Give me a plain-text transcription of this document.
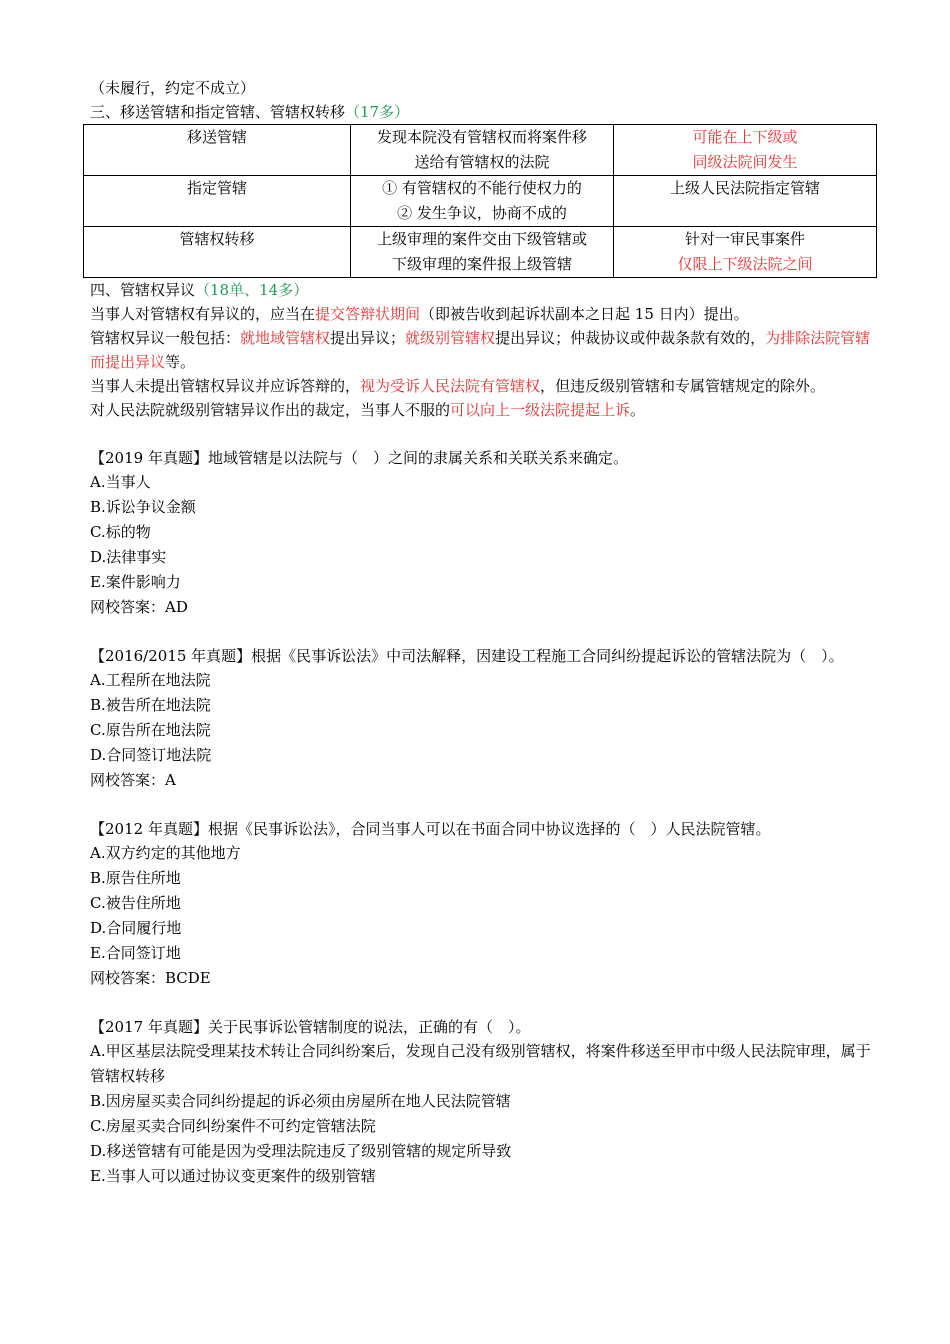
（未履行，约定不成立）

三、移送管辖和指定管辖、管辖权转移（17多）

移送管辖	发现本院没有管辖权而将案件移
送给有管辖权的法院	可能在上下级或
同级法院间发生
指定管辖	① 有管辖权的不能行使权力的
② 发生争议，协商不成的	上级人民法院指定管辖
管辖权转移	上级审理的案件交由下级管辖或
下级审理的案件报上级管辖	针对一审民事案件
仅限上下级法院之间

四、管辖权异议（18单、14多）

当事人对管辖权有异议的，应当在提交答辩状期间（即被告收到起诉状副本之日起 15 日内）提出。

管辖权异议一般包括：就地域管辖权提出异议；就级别管辖权提出异议；仲裁协议或仲裁条款有效的，为排除法院管辖而提出异议等。

当事人未提出管辖权异议并应诉答辩的，视为受诉人民法院有管辖权，但违反级别管辖和专属管辖规定的除外。

对人民法院就级别管辖异议作出的裁定，当事人不服的可以向上一级法院提起上诉。

【2019 年真题】地域管辖是以法院与（　）之间的隶属关系和关联关系来确定。

A.当事人

B.诉讼争议金额

C.标的物

D.法律事实

E.案件影响力

网校答案：AD

【2016/2015 年真题】根据《民事诉讼法》中司法解释，因建设工程施工合同纠纷提起诉讼的管辖法院为（　）。

A.工程所在地法院

B.被告所在地法院

C.原告所在地法院

D.合同签订地法院

网校答案：A

【2012 年真题】根据《民事诉讼法》，合同当事人可以在书面合同中协议选择的（　）人民法院管辖。

A.双方约定的其他地方

B.原告住所地

C.被告住所地

D.合同履行地

E.合同签订地

网校答案：BCDE

【2017 年真题】关于民事诉讼管辖制度的说法，正确的有（　）。

A.甲区基层法院受理某技术转让合同纠纷案后，发现自己没有级别管辖权，将案件移送至甲市中级人民法院审理，属于管辖权转移

B.因房屋买卖合同纠纷提起的诉必须由房屋所在地人民法院管辖

C.房屋买卖合同纠纷案件不可约定管辖法院

D.移送管辖有可能是因为受理法院违反了级别管辖的规定所导致

E.当事人可以通过协议变更案件的级别管辖
